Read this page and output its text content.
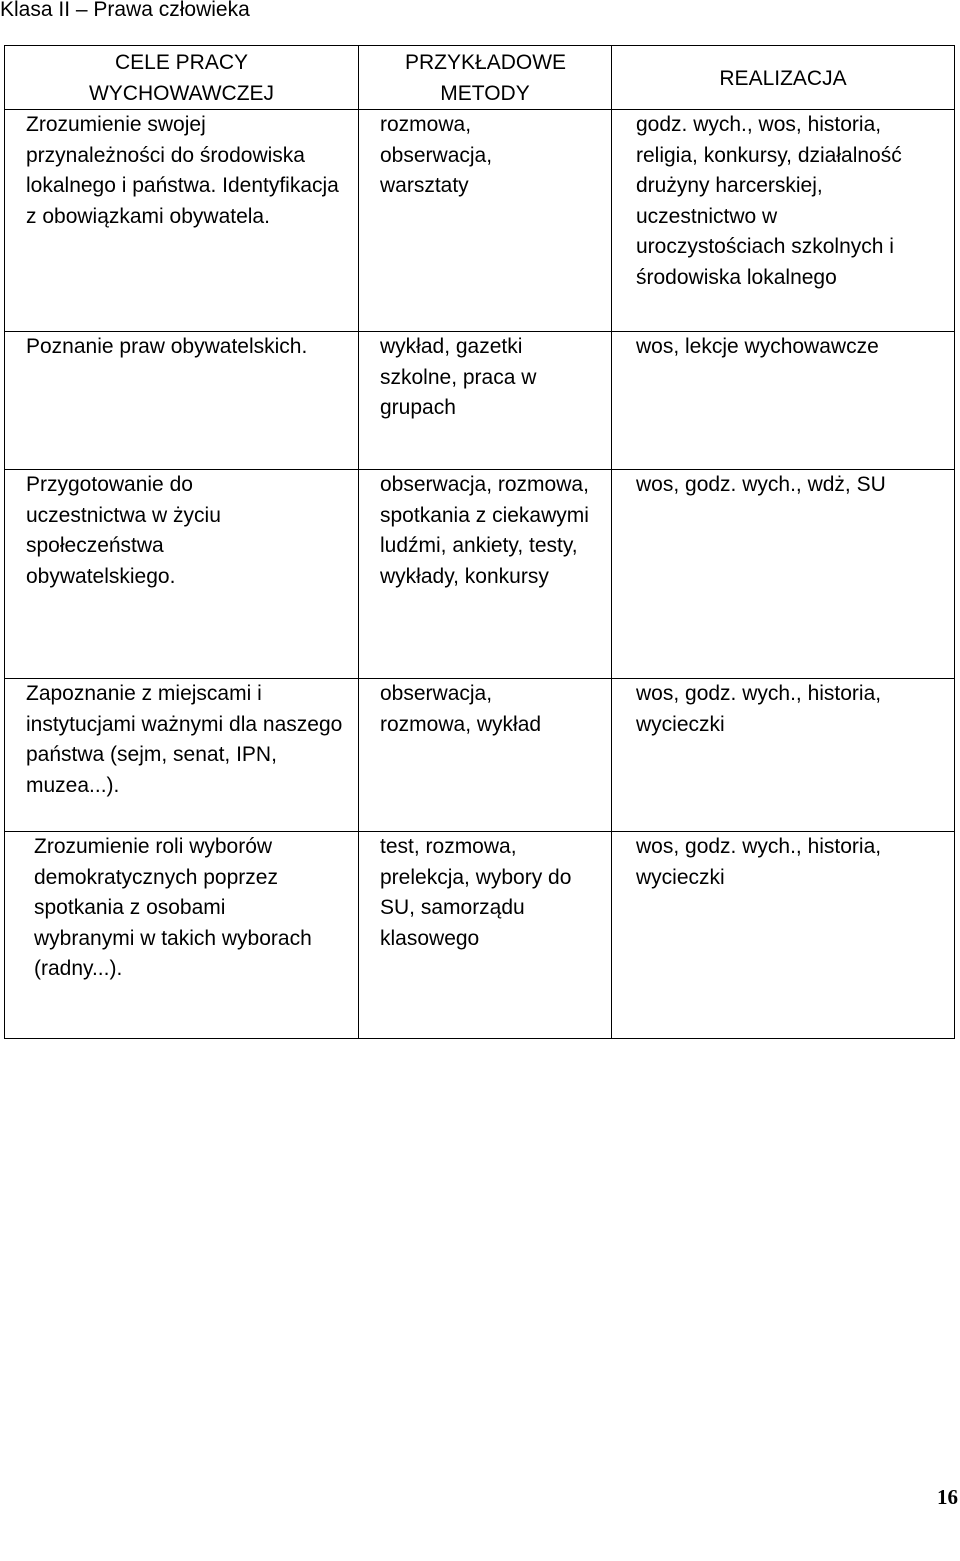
Klasa II – Prawa człowieka
CELE PRACY WYCHOWAWCZEJ	PRZYKŁADOWE METODY	REALIZACJA

Zrozumienie swojej przynależności do środowiska lokalnego i państwa. Identyfikacja z obowiązkami obywatela.	rozmowa, obserwacja, warsztaty	godz. wych., wos, historia, religia, konkursy, działalność drużyny harcerskiej, uczestnictwo w uroczystościach szkolnych i środowiska lokalnego

Poznanie praw obywatelskich.	wykład, gazetki szkolne, praca w grupach	wos, lekcje wychowawcze

Przygotowanie do uczestnictwa w życiu społeczeństwa obywatelskiego.	obserwacja, rozmowa, spotkania z ciekawymi ludźmi, ankiety, testy, wykłady, konkursy	wos, godz. wych., wdż, SU

Zapoznanie z miejscami i instytucjami ważnymi dla naszego państwa (sejm, senat, IPN, muzea...).	obserwacja, rozmowa, wykład	wos, godz. wych., historia, wycieczki

Zrozumienie roli wyborów demokratycznych poprzez spotkania z osobami wybranymi w takich wyborach (radny...).	test, rozmowa, prelekcja, wybory do SU, samorządu klasowego	wos, godz. wych., historia, wycieczki
16
